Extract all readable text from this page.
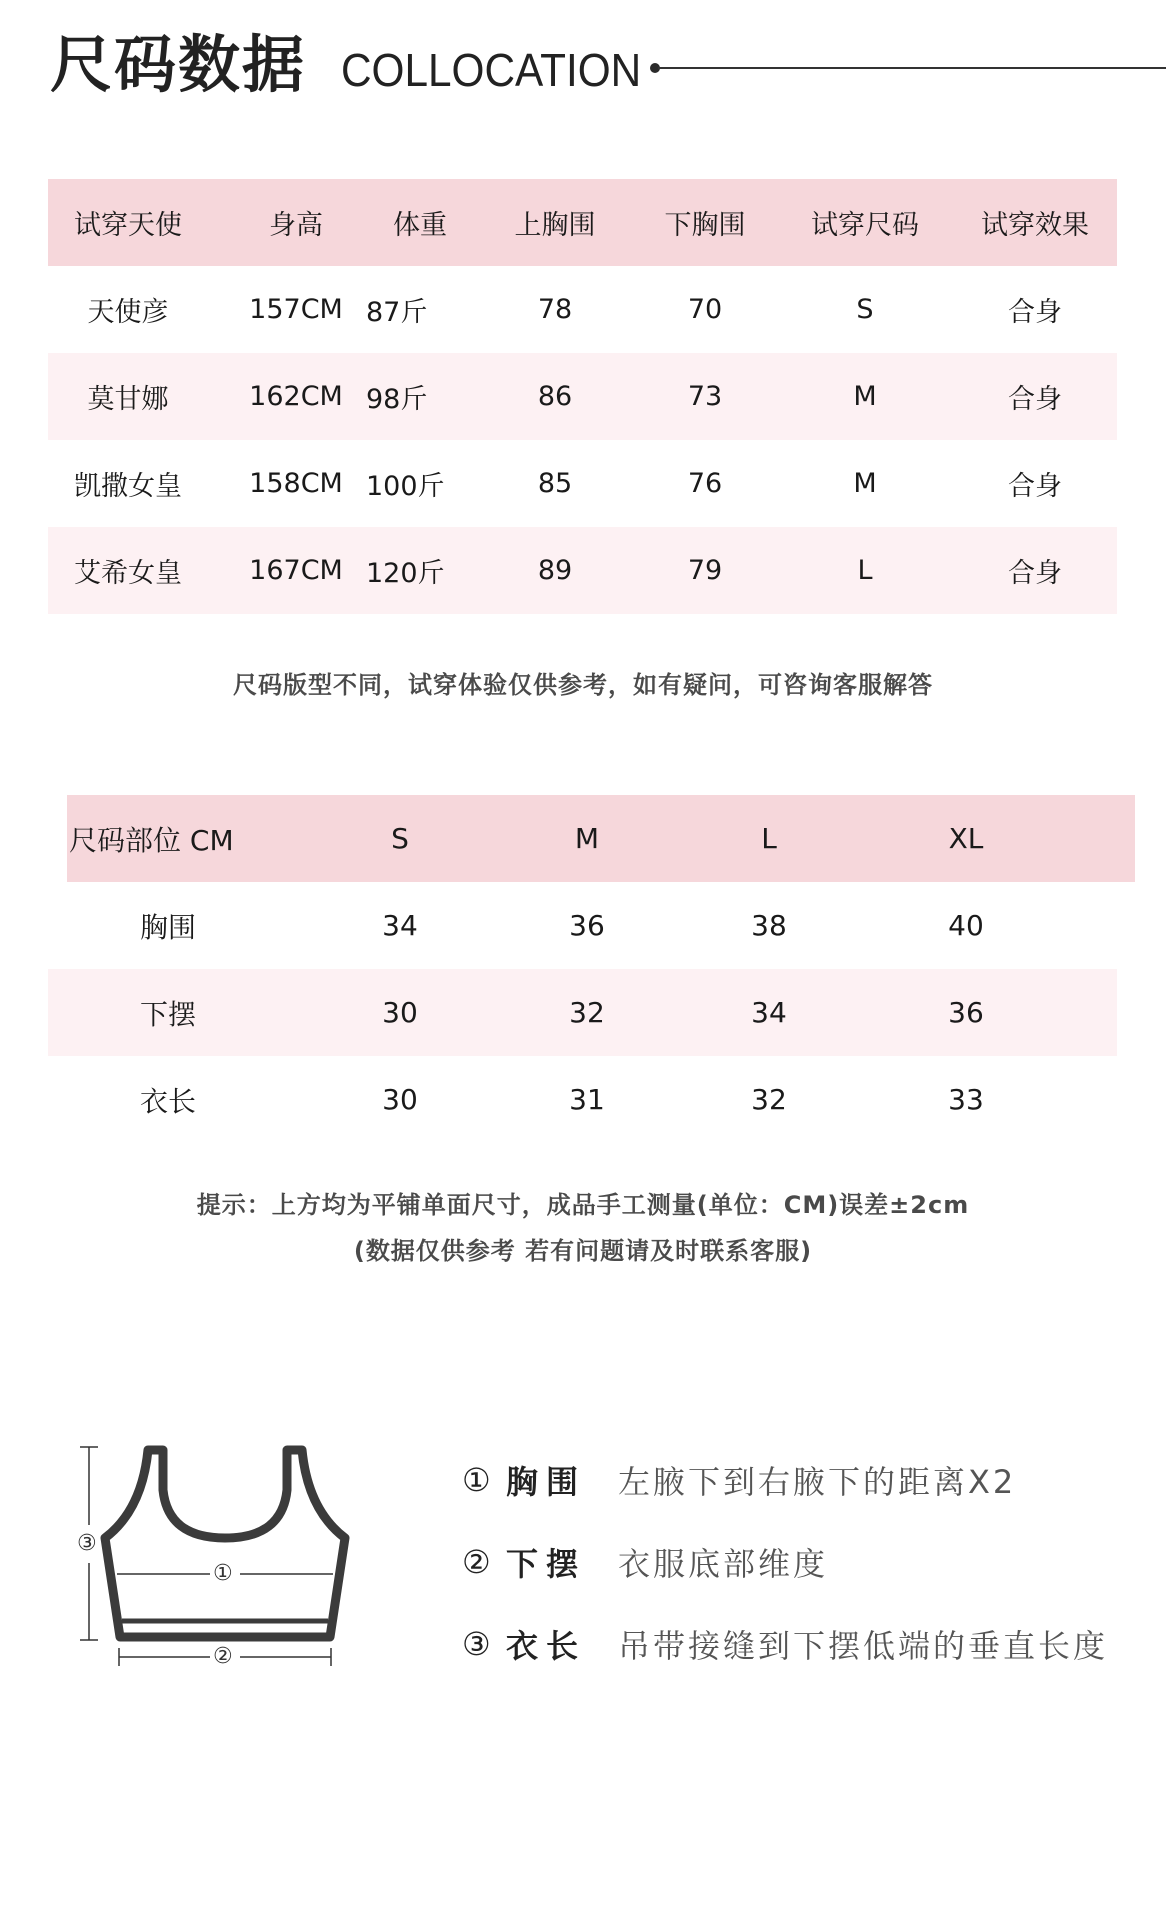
尺码数据 COLLOCATION
试穿天使	身高	体重	上胸围	下胸围	试穿尺码	试穿效果
天使彦	157CM 87斤	78	70	S	合身
莫甘娜	162CM 98斤	86	73	M	合身
凯撒女皇	158CM 100斤	85	76	M	合身
艾希女皇	167CM 120斤	89	79	L	合身
尺码版型不同，试穿体验仅供参考，如有疑问，可咨询客服解答
尺码部位 CM	S	M	L	XL
胸围	34	36	38	40
下摆	30	32	34	36
衣长	30	31	32	33
提示：上方均为平铺单面尺寸，成品手工测量(单位：CM)误差±2cm
(数据仅供参考 若有问题请及时联系客服)
①
②
③
① 胸围 左腋下到右腋下的距离X2
② 下摆 衣服底部维度
③ 衣长 吊带接缝到下摆低端的垂直长度
